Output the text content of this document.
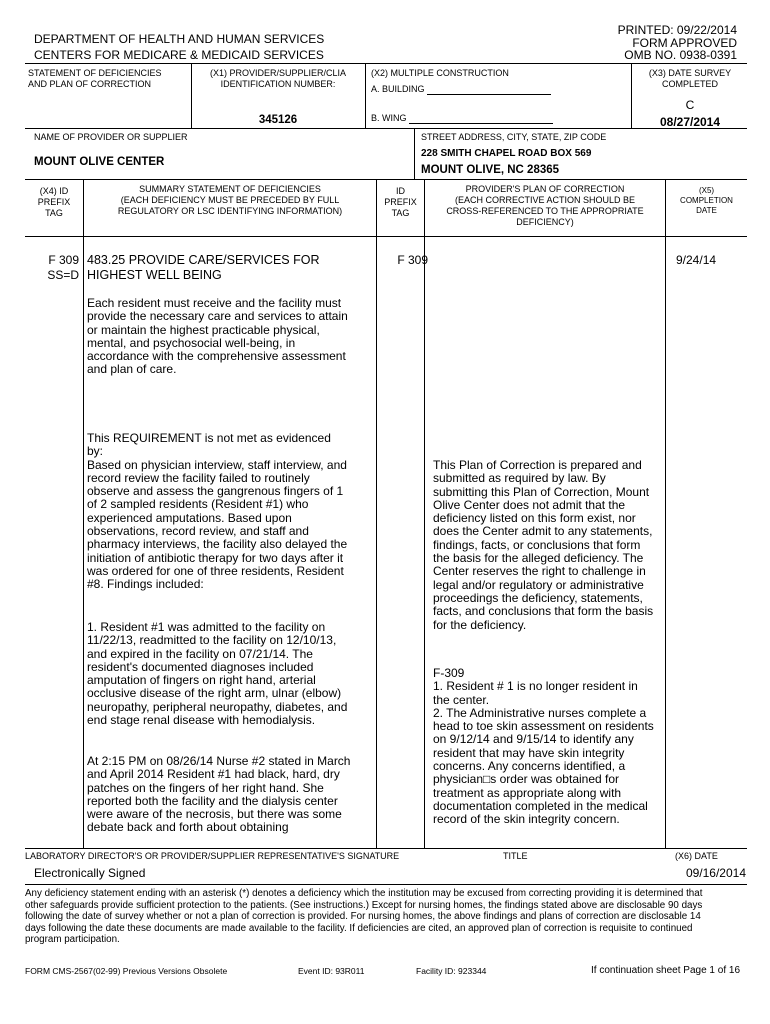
DEPARTMENT OF HEALTH AND HUMAN SERVICES
CENTERS FOR MEDICARE & MEDICAID SERVICES
PRINTED: 09/22/2014
FORM APPROVED
OMB NO. 0938-0391
STATEMENT OF DEFICIENCIES
AND PLAN OF CORRECTION
(X1) PROVIDER/SUPPLIER/CLIA
IDENTIFICATION NUMBER:
345126
(X2) MULTIPLE CONSTRUCTION
A. BUILDING
B. WING
(X3) DATE SURVEY
COMPLETED
C
08/27/2014
NAME OF PROVIDER OR SUPPLIER
MOUNT OLIVE CENTER
STREET ADDRESS, CITY, STATE, ZIP CODE
228 SMITH CHAPEL ROAD BOX 569
MOUNT OLIVE, NC 28365
(X4) ID
PREFIX
TAG
SUMMARY STATEMENT OF DEFICIENCIES
(EACH DEFICIENCY MUST BE PRECEDED BY FULL
REGULATORY OR LSC IDENTIFYING INFORMATION)
ID
PREFIX
TAG
PROVIDER'S PLAN OF CORRECTION
(EACH CORRECTIVE ACTION SHOULD BE
CROSS-REFERENCED TO THE APPROPRIATE
DEFICIENCY)
(X5)
COMPLETION
DATE
F 309
SS=D
483.25 PROVIDE CARE/SERVICES FOR
HIGHEST WELL BEING
Each resident must receive and the facility must
provide the necessary care and services to attain
or maintain the highest practicable physical,
mental, and psychosocial well-being, in
accordance with the comprehensive assessment
and plan of care.
This REQUIREMENT is not met as evidenced
by:
Based on physician interview, staff interview, and
record review the facility failed to routinely
observe and assess the gangrenous fingers of 1
of 2 sampled residents (Resident #1) who
experienced amputations. Based upon
observations, record review, and staff and
pharmacy interviews, the facility also delayed the
initiation of antibiotic therapy for two days after it
was ordered for one of three residents, Resident
#8. Findings included:
1. Resident #1 was admitted to the facility on
11/22/13, readmitted to the facility on 12/10/13,
and expired in the facility on 07/21/14. The
resident's documented diagnoses included
amputation of fingers on right hand, arterial
occlusive disease of the right arm, ulnar (elbow)
neuropathy, peripheral neuropathy, diabetes, and
end stage renal disease with hemodialysis.
At 2:15 PM on 08/26/14 Nurse #2 stated in March
and April 2014 Resident #1 had black, hard, dry
patches on the fingers of her right hand. She
reported both the facility and the dialysis center
were aware of the necrosis, but there was some
debate back and forth about obtaining
F 309	9/24/14
This Plan of Correction is prepared and
submitted as required by law. By
submitting this Plan of Correction, Mount
Olive Center does not admit that the
deficiency listed on this form exist, nor
does the Center admit to any statements,
findings, facts, or conclusions that form
the basis for the alleged deficiency. The
Center reserves the right to challenge in
legal and/or regulatory or administrative
proceedings the deficiency, statements,
facts, and conclusions that form the basis
for the deficiency.
F-309
1. Resident # 1 is no longer resident in
the center.
2. The Administrative nurses complete a
head to toe skin assessment on residents
on 9/12/14 and 9/15/14 to identify any
resident that may have skin integrity
concerns. Any concerns identified, a
physician□s order was obtained for
treatment as appropriate along with
documentation completed in the medical
record of the skin integrity concern.
LABORATORY DIRECTOR'S OR PROVIDER/SUPPLIER REPRESENTATIVE'S SIGNATURE	TITLE	(X6) DATE
Electronically Signed	09/16/2014
Any deficiency statement ending with an asterisk (*) denotes a deficiency which the institution may be excused from correcting providing it is determined that
other safeguards provide sufficient protection to the patients. (See instructions.) Except for nursing homes, the findings stated above are disclosable 90 days
following the date of survey whether or not a plan of correction is provided. For nursing homes, the above findings and plans of correction are disclosable 14
days following the date these documents are made available to the facility. If deficiencies are cited, an approved plan of correction is requisite to continued
program participation.
FORM CMS-2567(02-99) Previous Versions Obsolete	Event ID: 93R011	Facility ID: 923344	If continuation sheet Page 1 of 16
